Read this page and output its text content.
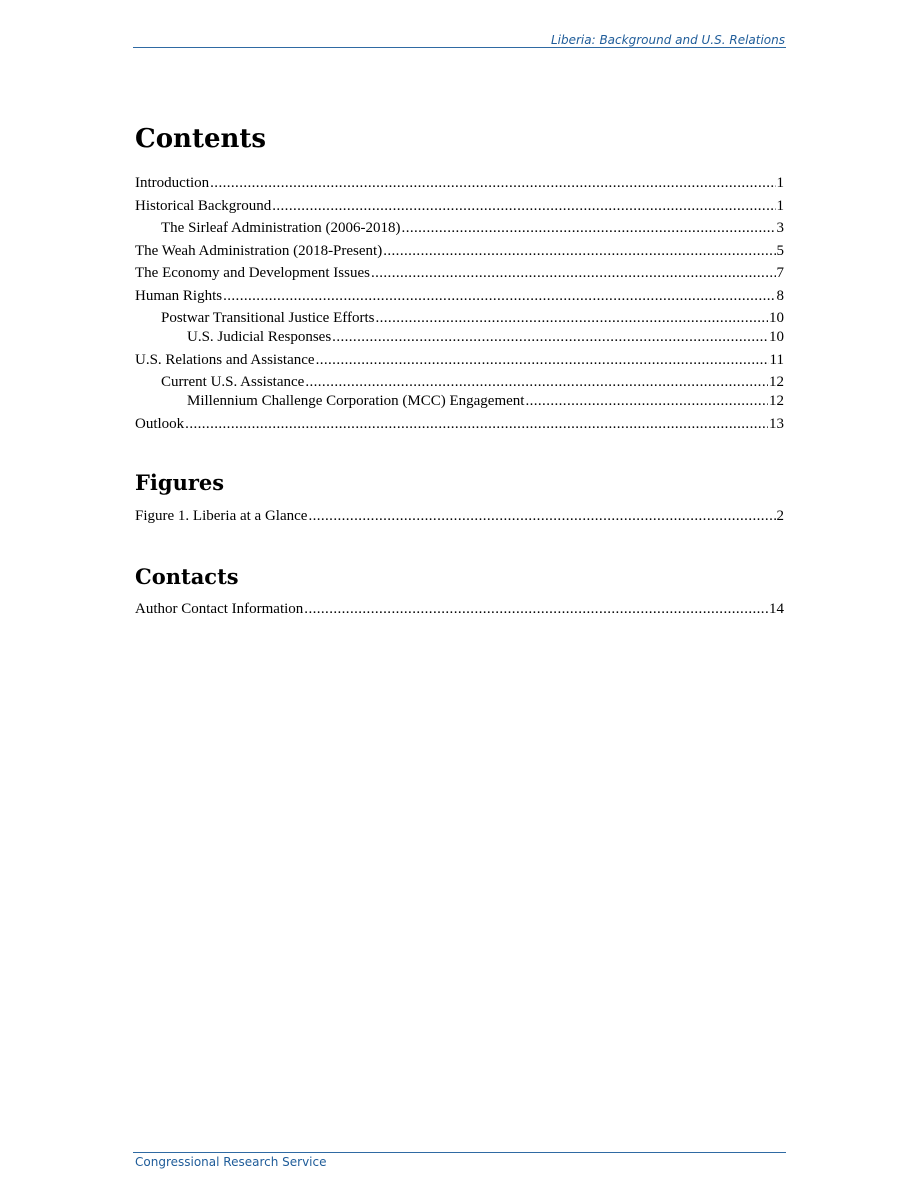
Liberia: Background and U.S. Relations
Contents
Introduction .....	1
Historical Background .....	1
The Sirleaf Administration (2006-2018) .....	3
The Weah Administration (2018-Present) .....	5
The Economy and Development Issues .....	7
Human Rights .....	8
Postwar Transitional Justice Efforts .....	10
U.S. Judicial Responses .....	10
U.S. Relations and Assistance .....	11
Current U.S. Assistance .....	12
Millennium Challenge Corporation (MCC) Engagement .....	12
Outlook .....	13
Figures
Figure 1. Liberia at a Glance .....	2
Contacts
Author Contact Information .....	14
Congressional Research Service
